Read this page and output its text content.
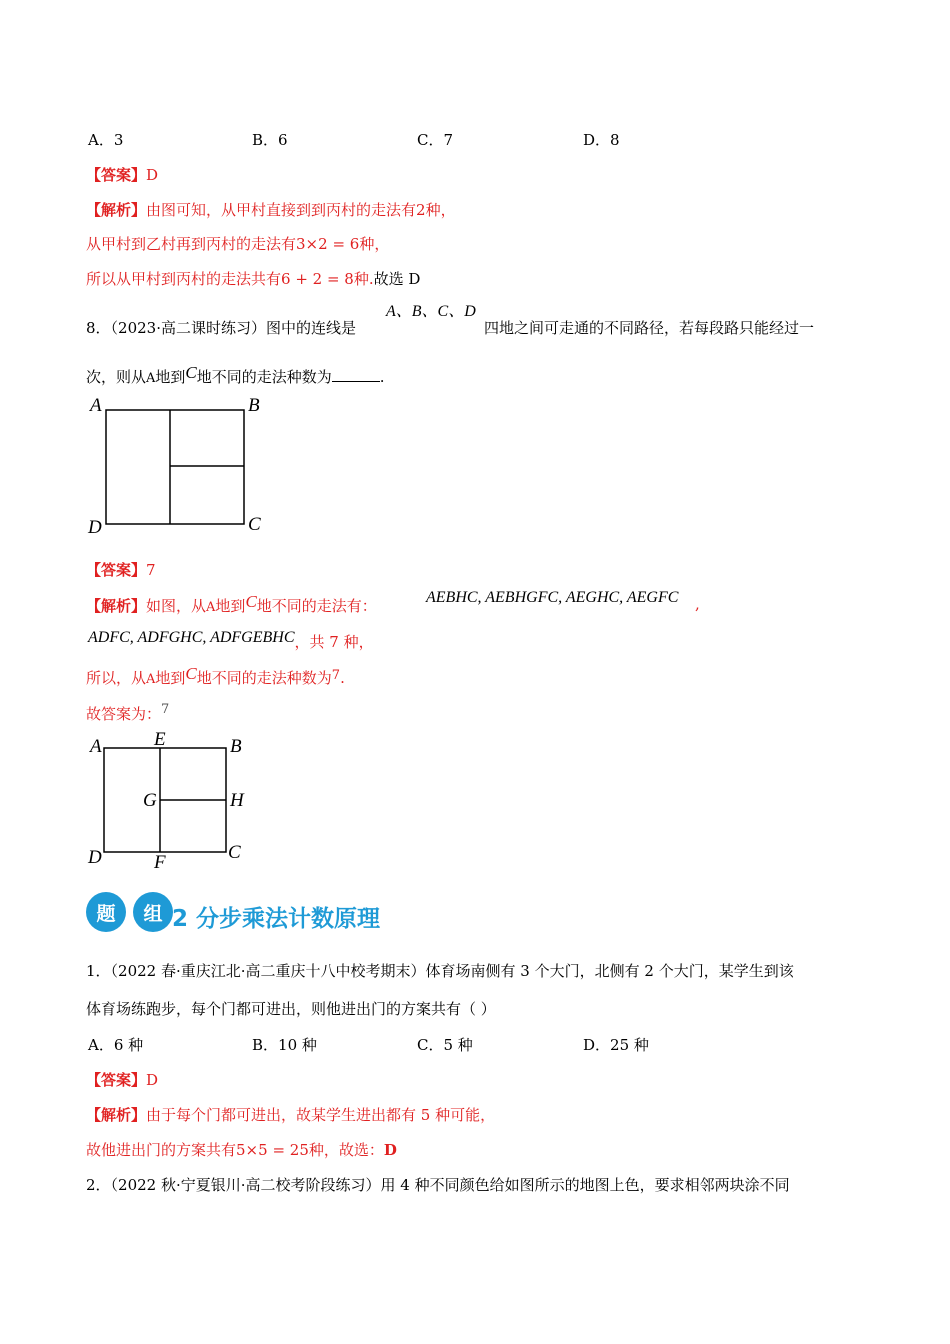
A．3	B．6	C．7	D．8
【答案】D
【解析】由图可知，从甲村直接到到丙村的走法有2种，
从甲村到乙村再到丙村的走法有3×2 = 6种，
所以从甲村到丙村的走法共有6 + 2 = 8种.故选 D
8．（2023·高二课时练习）图中的连线是
A、B、C、D
四地之间可走通的不同路径，若每段路只能经过一
次，则从A地到C地不同的走法种数为	.
A	B
C
D
【答案】7
【解析】如图，从A地到C地不同的走法有：	AEBHC, AEBHGFC, AEGHC, AEGFC ,
ADFC, ADFGHC, ADFGEBHC，共 7 种，
所以，从A地到C地不同的走法种数为7.
故答案为：7
A	E	B
G	H
D	F	C
题	组 2 分步乘法计数原理
1．（2022 春·重庆江北·高二重庆十八中校考期末）体育场南侧有 3 个大门，北侧有 2 个大门，某学生到该
体育场练跑步，每个门都可进出，则他进出门的方案共有（ ）
A．6 种	B．10 种	C．5 种	D．25 种
【答案】D
【解析】由于每个门都可进出，故某学生进出都有 5 种可能，
故他进出门的方案共有5×5 = 25种，故选：D
2．（2022 秋·宁夏银川·高二校考阶段练习）用 4 种不同颜色给如图所示的地图上色，要求相邻两块涂不同
